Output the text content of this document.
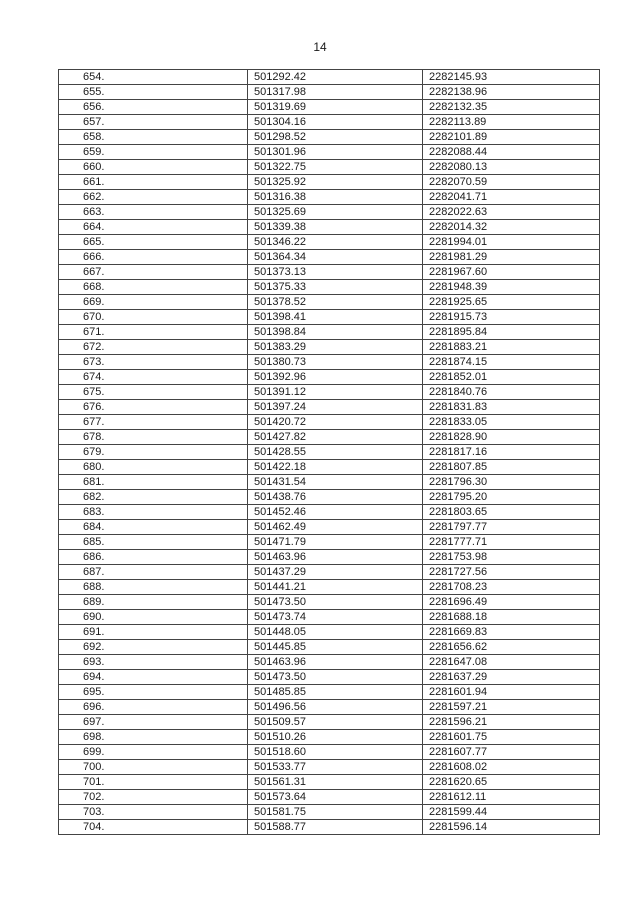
14
654.	501292.42	2282145.93
655.	501317.98	2282138.96
656.	501319.69	2282132.35
657.	501304.16	2282113.89
658.	501298.52	2282101.89
659.	501301.96	2282088.44
660.	501322.75	2282080.13
661.	501325.92	2282070.59
662.	501316.38	2282041.71
663.	501325.69	2282022.63
664.	501339.38	2282014.32
665.	501346.22	2281994.01
666.	501364.34	2281981.29
667.	501373.13	2281967.60
668.	501375.33	2281948.39
669.	501378.52	2281925.65
670.	501398.41	2281915.73
671.	501398.84	2281895.84
672.	501383.29	2281883.21
673.	501380.73	2281874.15
674.	501392.96	2281852.01
675.	501391.12	2281840.76
676.	501397.24	2281831.83
677.	501420.72	2281833.05
678.	501427.82	2281828.90
679.	501428.55	2281817.16
680.	501422.18	2281807.85
681.	501431.54	2281796.30
682.	501438.76	2281795.20
683.	501452.46	2281803.65
684.	501462.49	2281797.77
685.	501471.79	2281777.71
686.	501463.96	2281753.98
687.	501437.29	2281727.56
688.	501441.21	2281708.23
689.	501473.50	2281696.49
690.	501473.74	2281688.18
691.	501448.05	2281669.83
692.	501445.85	2281656.62
693.	501463.96	2281647.08
694.	501473.50	2281637.29
695.	501485.85	2281601.94
696.	501496.56	2281597.21
697.	501509.57	2281596.21
698.	501510.26	2281601.75
699.	501518.60	2281607.77
700.	501533.77	2281608.02
701.	501561.31	2281620.65
702.	501573.64	2281612.11
703.	501581.75	2281599.44
704.	501588.77	2281596.14
